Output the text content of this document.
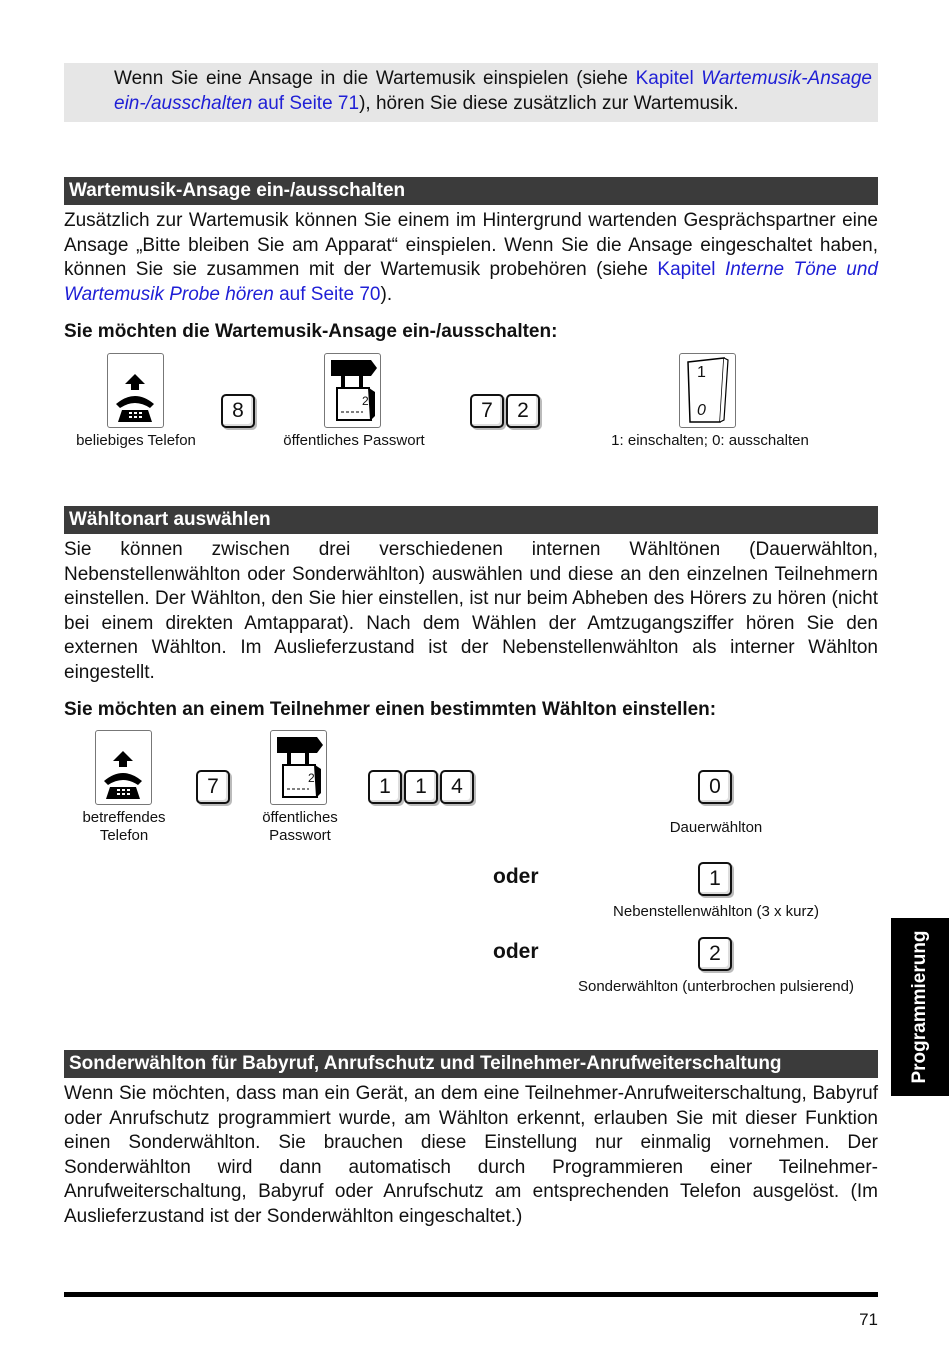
Wenn Sie eine Ansage in die Wartemusik einspielen (siehe Kapitel Wartemusik-Ansage ein-/ausschalten auf Seite 71), hören Sie diese zusätzlich zur Wartemusik.

Wartemusik-Ansage ein-/ausschalten

Zusätzlich zur Wartemusik können Sie einem im Hintergrund wartenden Gesprächspartner eine Ansage „Bitte bleiben Sie am Apparat“ einspielen. Wenn Sie die Ansage eingeschaltet haben, können Sie sie zusammen mit der Wartemusik probehören (siehe Kapitel Interne Töne und Wartemusik Probe hören auf Seite 70).

Sie möchten die Wartemusik-Ansage ein-/ausschalten:

beliebiges Telefon
8	2
öffentliches Passwort
7	2
1
0
1: einschalten; 0: ausschalten
Wähltonart auswählen

Sie können zwischen drei verschiedenen internen Wähltönen (Dauerwählton, Nebenstellenwählton oder Sonderwählton) auswählen und diese an den einzelnen Teilnehmern einstellen. Der Wählton, den Sie hier einstellen, ist nur beim Abheben des Hörers zu hören (nicht bei einem direkten Amtapparat). Nach dem Wählen der Amtzugangsziffer hören Sie den externen Wählton. Im Auslieferzustand ist der Nebenstellenwählton als interner Wählton eingestellt.

Sie möchten an einem Teilnehmer einen bestimmten Wählton einstellen:

betreffendes
Telefon
7	2
öffentliches
Passwort
1	1	4	0
Dauerwählton
oder	1
Nebenstellenwählton (3 x kurz)
oder	2
Sonderwählton (unterbrochen pulsierend)
Sonderwählton für Babyruf, Anrufschutz und Teilnehmer-Anrufweiterschaltung

Wenn Sie möchten, dass man ein Gerät, an dem eine Teilnehmer-Anrufweiterschaltung, Babyruf oder Anrufschutz programmiert wurde, am Wählton erkennt, erlauben Sie mit dieser Funktion einen Sonderwählton. Sie brauchen diese Einstellung nur einmalig vornehmen. Der Sonderwählton wird dann automatisch durch Programmieren einer Teilnehmer-Anrufweiterschaltung, Babyruf oder Anrufschutz am entsprechenden Telefon ausgelöst. (Im Auslieferzustand ist der Sonderwählton eingeschaltet.)

Programmierung
71
